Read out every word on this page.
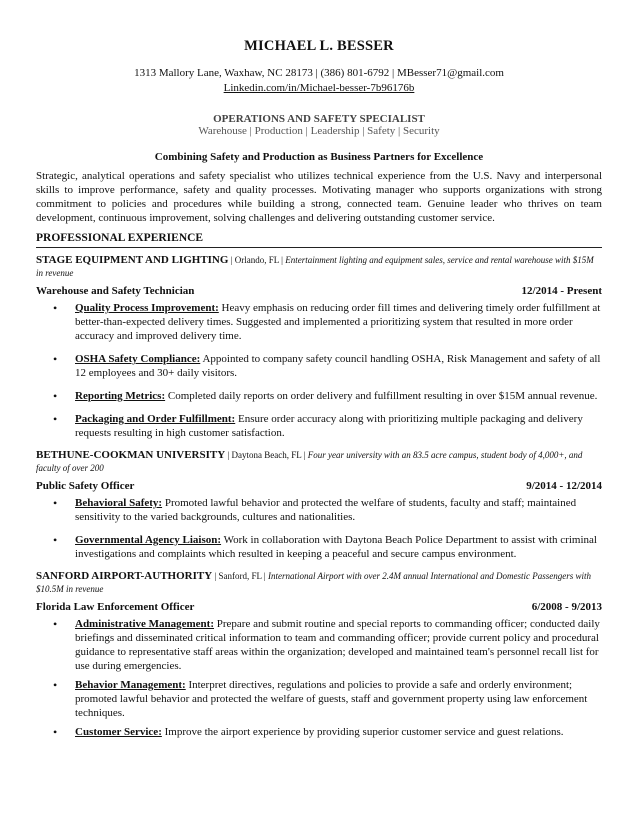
MICHAEL L. BESSER
1313 Mallory Lane, Waxhaw, NC 28173 | (386) 801-6792 | MBesser71@gmail.com
Linkedin.com/in/Michael-besser-7b96176b
OPERATIONS AND SAFETY SPECIALIST
Warehouse | Production | Leadership | Safety | Security
Combining Safety and Production as Business Partners for Excellence
Strategic, analytical operations and safety specialist who utilizes technical experience from the U.S. Navy and interpersonal skills to improve performance, safety and quality processes. Motivating manager who supports organizations with strong commitment to policies and procedures while building a strong, connected team. Genuine leader who thrives on team development, continuous improvement, solving challenges and delivering outstanding customer service.
PROFESSIONAL EXPERIENCE
STAGE EQUIPMENT AND LIGHTING | Orlando, FL | Entertainment lighting and equipment sales, service and rental warehouse with $15M in revenue
Warehouse and Safety Technician	12/2014 - Present
• Quality Process Improvement: Heavy emphasis on reducing order fill times and delivering timely order fulfillment at better-than-expected delivery times. Suggested and implemented a prioritizing system that resulted in more order accuracy and improved delivery time.
• OSHA Safety Compliance: Appointed to company safety council handling OSHA, Risk Management and safety of all 12 employees and 30+ daily visitors.
• Reporting Metrics: Completed daily reports on order delivery and fulfillment resulting in over $15M annual revenue.
• Packaging and Order Fulfillment: Ensure order accuracy along with prioritizing multiple packaging and delivery requests resulting in high customer satisfaction.
BETHUNE-COOKMAN UNIVERSITY | Daytona Beach, FL | Four year university with an 83.5 acre campus, student body of 4,000+, and faculty of over 200
Public Safety Officer	9/2014 - 12/2014
• Behavioral Safety: Promoted lawful behavior and protected the welfare of students, faculty and staff; maintained sensitivity to the varied backgrounds, cultures and nationalities.
• Governmental Agency Liaison: Work in collaboration with Daytona Beach Police Department to assist with criminal investigations and complaints which resulted in keeping a peaceful and secure campus environment.
SANFORD AIRPORT-AUTHORITY | Sanford, FL | International Airport with over 2.4M annual International and Domestic Passengers with $10.5M in revenue
Florida Law Enforcement Officer	6/2008 - 9/2013
• Administrative Management: Prepare and submit routine and special reports to commanding officer; conducted daily briefings and disseminated critical information to team and commanding officer; provide current policy and procedural guidance to representative staff areas within the organization; developed and maintained team's personnel recall list for use during emergencies.
• Behavior Management: Interpret directives, regulations and policies to provide a safe and orderly environment; promoted lawful behavior and protected the welfare of guests, staff and government property using law enforcement techniques.
• Customer Service: Improve the airport experience by providing superior customer service and guest relations.
